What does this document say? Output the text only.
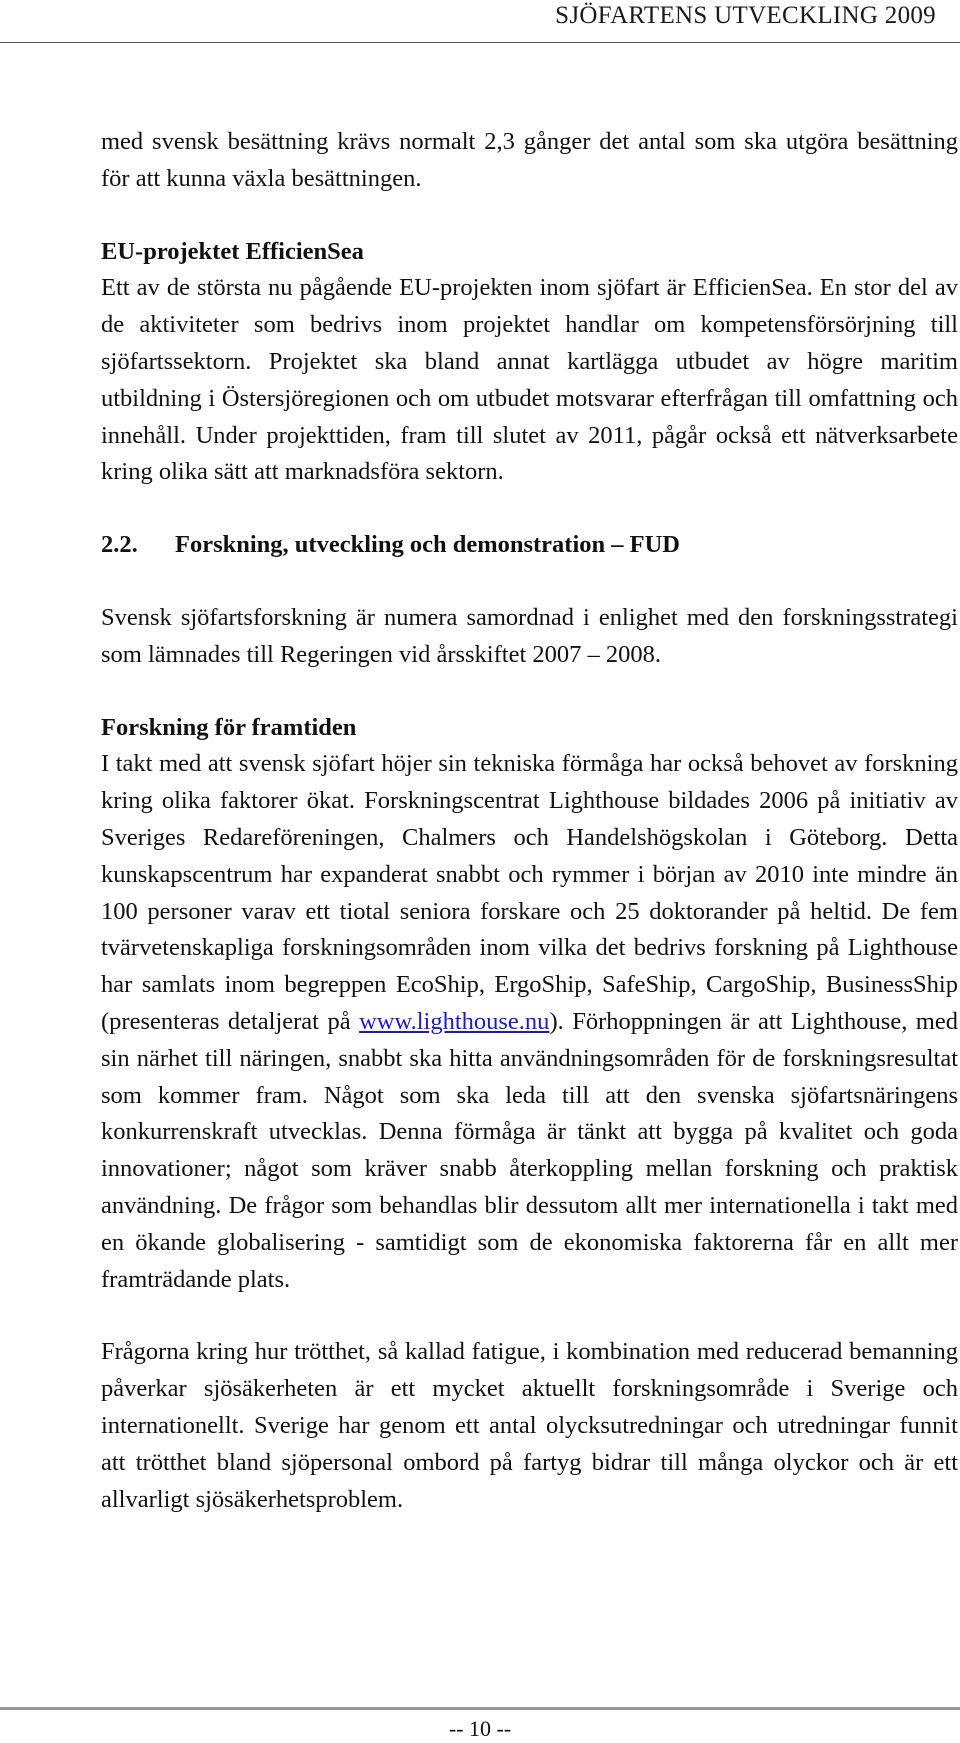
SJÖFARTENS UTVECKLING 2009

med svensk besättning krävs normalt 2,3 gånger det antal som ska utgöra besättning för att kunna växla besättningen.

EU-projektet EfficienSea

Ett av de största nu pågående EU-projekten inom sjöfart är EfficienSea. En stor del av de aktiviteter som bedrivs inom projektet handlar om kompetensförsörjning till sjöfartssektorn. Projektet ska bland annat kartlägga utbudet av högre maritim utbildning i Östersjöregionen och om utbudet motsvarar efterfrågan till omfattning och innehåll. Under projekttiden, fram till slutet av 2011, pågår också ett nätverksarbete kring olika sätt att marknadsföra sektorn.

2.2.	Forskning, utveckling och demonstration – FUD

Svensk sjöfartsforskning är numera samordnad i enlighet med den forskningsstrategi som lämnades till Regeringen vid årsskiftet 2007 – 2008.

Forskning för framtiden

I takt med att svensk sjöfart höjer sin tekniska förmåga har också behovet av forskning kring olika faktorer ökat. Forskningscentrat Lighthouse bildades 2006 på initiativ av Sveriges Redareföreningen, Chalmers och Handelshögskolan i Göteborg. Detta kunskapscentrum har expanderat snabbt och rymmer i början av 2010 inte mindre än 100 personer varav ett tiotal seniora forskare och 25 doktorander på heltid. De fem tvärvetenskapliga forskningsområden inom vilka det bedrivs forskning på Lighthouse har samlats inom begreppen EcoShip, ErgoShip, SafeShip, CargoShip, BusinessShip (presenteras detaljerat på www.lighthouse.nu). Förhoppningen är att Lighthouse, med sin närhet till näringen, snabbt ska hitta användningsområden för de forskningsresultat som kommer fram. Något som ska leda till att den svenska sjöfartsnäringens konkurrenskraft utvecklas. Denna förmåga är tänkt att bygga på kvalitet och goda innovationer; något som kräver snabb återkoppling mellan forskning och praktisk användning. De frågor som behandlas blir dessutom allt mer internationella i takt med en ökande globalisering - samtidigt som de ekonomiska faktorerna får en allt mer framträdande plats.

Frågorna kring hur trötthet, så kallad fatigue, i kombination med reducerad bemanning påverkar sjösäkerheten är ett mycket aktuellt forskningsområde i Sverige och internationellt. Sverige har genom ett antal olycksutredningar och utredningar funnit att trötthet bland sjöpersonal ombord på fartyg bidrar till många olyckor och är ett allvarligt sjösäkerhetsproblem.

-- 10 --
